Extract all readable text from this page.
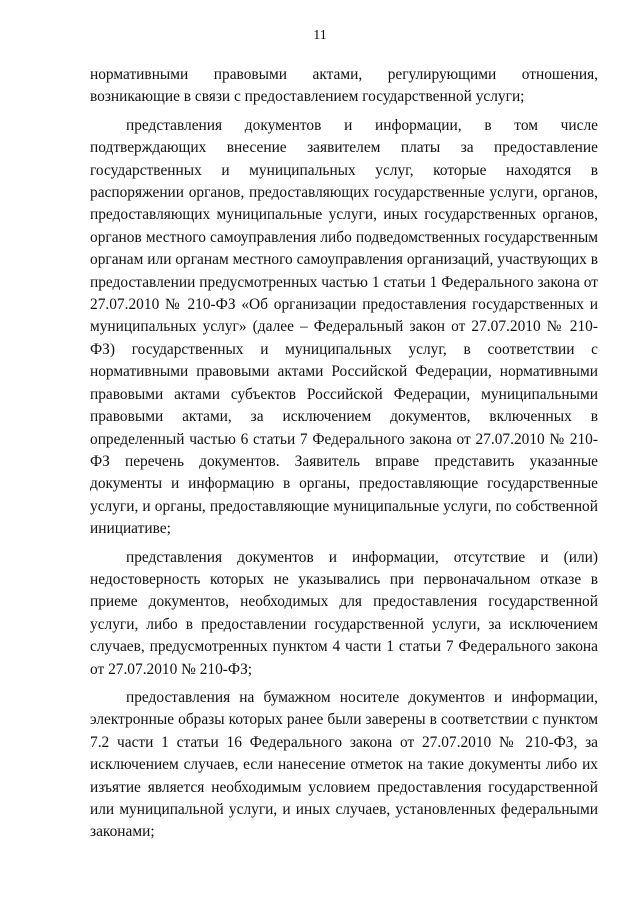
11

нормативными правовыми актами, регулирующими отношения, возникающие в связи с предоставлением государственной услуги;

представления документов и информации, в том числе подтверждающих внесение заявителем платы за предоставление государственных и муниципальных услуг, которые находятся в распоряжении органов, предоставляющих государственные услуги, органов, предоставляющих муниципальные услуги, иных государственных органов, органов местного самоуправления либо подведомственных государственным органам или органам местного самоуправления организаций, участвующих в предоставлении предусмотренных частью 1 статьи 1 Федерального закона от 27.07.2010 № 210-ФЗ «Об организации предоставления государственных и муниципальных услуг» (далее – Федеральный закон от 27.07.2010 № 210-ФЗ) государственных и муниципальных услуг, в соответствии с нормативными правовыми актами Российской Федерации, нормативными правовыми актами субъектов Российской Федерации, муниципальными правовыми актами, за исключением документов, включенных в определенный частью 6 статьи 7 Федерального закона от 27.07.2010 № 210-ФЗ перечень документов. Заявитель вправе представить указанные документы и информацию в органы, предоставляющие государственные услуги, и органы, предоставляющие муниципальные услуги, по собственной инициативе;

представления документов и информации, отсутствие и (или) недостоверность которых не указывались при первоначальном отказе в приеме документов, необходимых для предоставления государственной услуги, либо в предоставлении государственной услуги, за исключением случаев, предусмотренных пунктом 4 части 1 статьи 7 Федерального закона от 27.07.2010 № 210-ФЗ;

предоставления на бумажном носителе документов и информации, электронные образы которых ранее были заверены в соответствии с пунктом 7.2 части 1 статьи 16 Федерального закона от 27.07.2010 № 210-ФЗ, за исключением случаев, если нанесение отметок на такие документы либо их изъятие является необходимым условием предоставления государственной или муниципальной услуги, и иных случаев, установленных федеральными законами;
